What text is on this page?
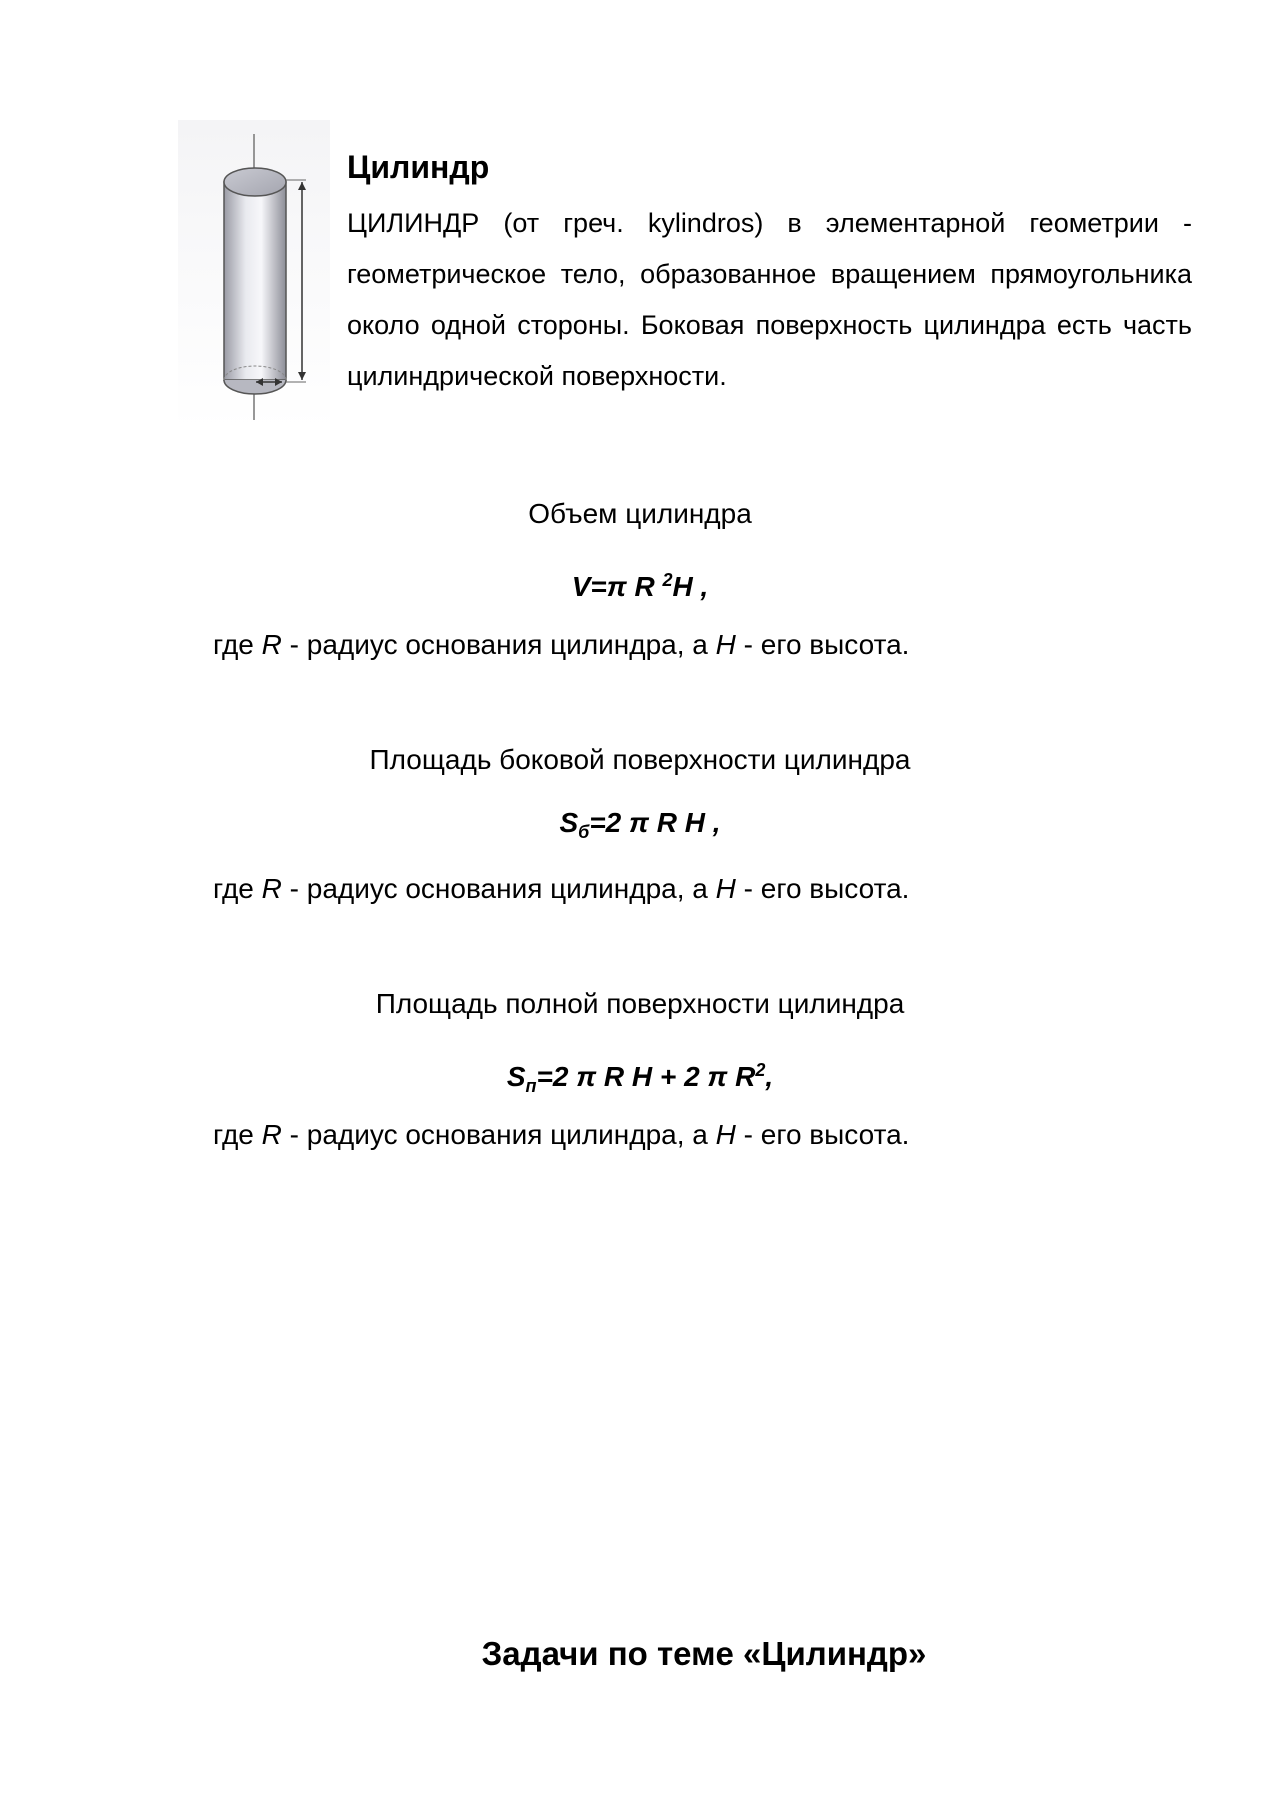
Цилиндр

ЦИЛИНДР (от греч. kylindros) в элементарной геометрии - геометрическое тело, образованное вращением прямоугольника около одной стороны. Боковая поверхность цилиндра есть часть цилиндрической поверхности.

Объем цилиндра

V=π R $^2$H ,

где R - радиус основания цилиндра, а H - его высота.

Площадь боковой поверхности цилиндра

$S_б=2$ π R H ,

где R - радиус основания цилиндра, а H - его высота.

Площадь полной поверхности цилиндра

$S_п=2$ π R H + 2 π $R^2$,

где R - радиус основания цилиндра, а H - его высота.

Задачи по теме «Цилиндр»
